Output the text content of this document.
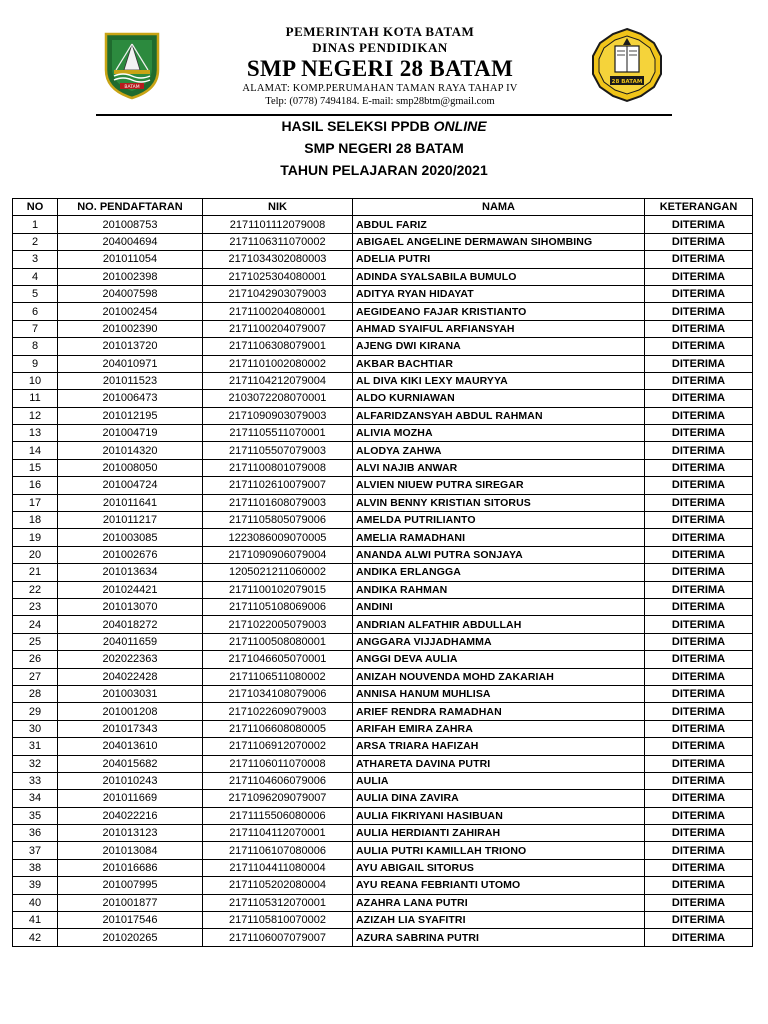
BATAM
PEMERINTAH KOTA BATAM
DINAS PENDIDIKAN
SMP NEGERI 28 BATAM
ALAMAT: KOMP.PERUMAHAN TAMAN RAYA TAHAP IV
Telp: (0778) 7494184. E-mail: smp28btm@gmail.com
28 BATAM
HASIL SELEKSI PPDB ONLINE
SMP NEGERI 28 BATAM
TAHUN PELAJARAN 2020/2021
NO	NO. PENDAFTARAN	NIK	NAMA	KETERANGAN
1	201008753	2171101112079008	ABDUL FARIZ	DITERIMA
2	204004694	2171106311070002	ABIGAEL ANGELINE DERMAWAN SIHOMBING	DITERIMA
3	201011054	2171034302080003	ADELIA PUTRI	DITERIMA
4	201002398	2171025304080001	ADINDA SYALSABILA BUMULO	DITERIMA
5	204007598	2171042903079003	ADITYA RYAN HIDAYAT	DITERIMA
6	201002454	2171100204080001	AEGIDEANO FAJAR KRISTIANTO	DITERIMA
7	201002390	2171100204079007	AHMAD SYAIFUL ARFIANSYAH	DITERIMA
8	201013720	2171106308079001	AJENG DWI KIRANA	DITERIMA
9	204010971	2171101002080002	AKBAR BACHTIAR	DITERIMA
10	201011523	2171104212079004	AL DIVA KIKI LEXY MAURYYA	DITERIMA
11	201006473	2103072208070001	ALDO KURNIAWAN	DITERIMA
12	201012195	2171090903079003	ALFARIDZANSYAH ABDUL RAHMAN	DITERIMA
13	201004719	2171105511070001	ALIVIA MOZHA	DITERIMA
14	201014320	2171105507079003	ALODYA ZAHWA	DITERIMA
15	201008050	2171100801079008	ALVI NAJIB ANWAR	DITERIMA
16	201004724	2171102610079007	ALVIEN NIUEW PUTRA SIREGAR	DITERIMA
17	201011641	2171101608079003	ALVIN BENNY KRISTIAN SITORUS	DITERIMA
18	201011217	2171105805079006	AMELDA PUTRILIANTO	DITERIMA
19	201003085	1223086009070005	AMELIA RAMADHANI	DITERIMA
20	201002676	2171090906079004	ANANDA ALWI PUTRA SONJAYA	DITERIMA
21	201013634	1205021211060002	ANDIKA ERLANGGA	DITERIMA
22	201024421	2171100102079015	ANDIKA RAHMAN	DITERIMA
23	201013070	2171105108069006	ANDINI	DITERIMA
24	204018272	2171022005079003	ANDRIAN ALFATHIR ABDULLAH	DITERIMA
25	204011659	2171100508080001	ANGGARA VIJJADHAMMA	DITERIMA
26	202022363	2171046605070001	ANGGI DEVA AULIA	DITERIMA
27	204022428	2171106511080002	ANIZAH NOUVENDA MOHD ZAKARIAH	DITERIMA
28	201003031	2171034108079006	ANNISA HANUM MUHLISA	DITERIMA
29	201001208	2171022609079003	ARIEF RENDRA RAMADHAN	DITERIMA
30	201017343	2171106608080005	ARIFAH EMIRA ZAHRA	DITERIMA
31	204013610	2171106912070002	ARSA TRIARA HAFIZAH	DITERIMA
32	204015682	2171106011070008	ATHARETA DAVINA PUTRI	DITERIMA
33	201010243	2171104606079006	AULIA	DITERIMA
34	201011669	2171096209079007	AULIA DINA ZAVIRA	DITERIMA
35	204022216	2171115506080006	AULIA FIKRIYANI HASIBUAN	DITERIMA
36	201013123	2171104112070001	AULIA HERDIANTI ZAHIRAH	DITERIMA
37	201013084	2171106107080006	AULIA PUTRI KAMILLAH TRIONO	DITERIMA
38	201016686	2171104411080004	AYU ABIGAIL SITORUS	DITERIMA
39	201007995	2171105202080004	AYU REANA FEBRIANTI UTOMO	DITERIMA
40	201001877	2171105312070001	AZAHRA LANA PUTRI	DITERIMA
41	201017546	2171105810070002	AZIZAH LIA SYAFITRI	DITERIMA
42	201020265	2171106007079007	AZURA SABRINA PUTRI	DITERIMA
